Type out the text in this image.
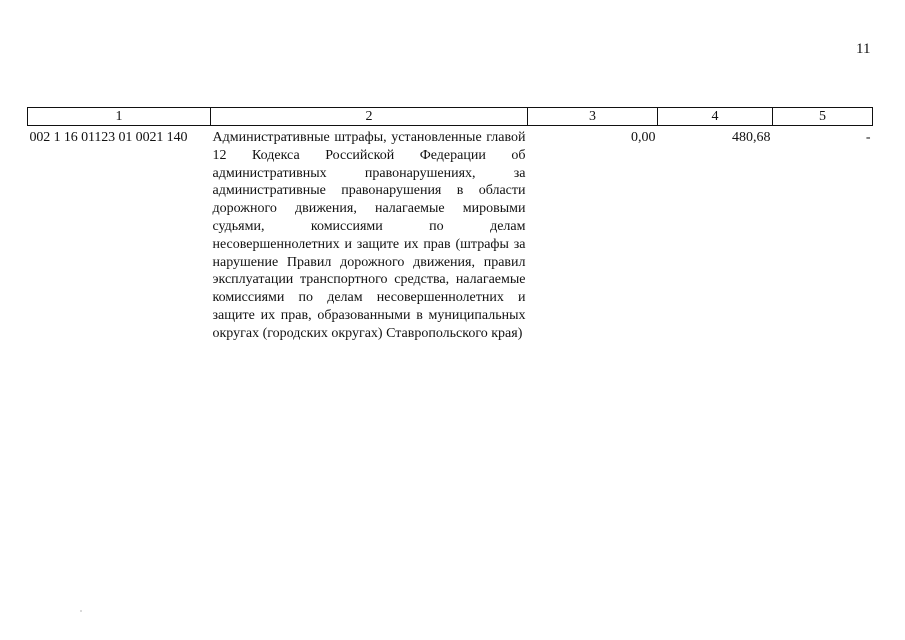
11
1	2	3	4	5
002 1 16 01123 01 0021 140	Административные штрафы, установленные главой 12 Кодекса Российской Федерации об административных правонарушениях, за административные правонарушения в области дорожного движения, налагаемые мировыми судьями, комиссиями по делам несовершеннолетних и защите их прав (штрафы за нарушение Правил дорожного движения, правил эксплуатации транспортного средства, налагаемые комиссиями по делам несовершеннолетних и защите их прав, образованными в муниципальных округах (городских округах) Ставропольского края)	0,00	480,68	-
